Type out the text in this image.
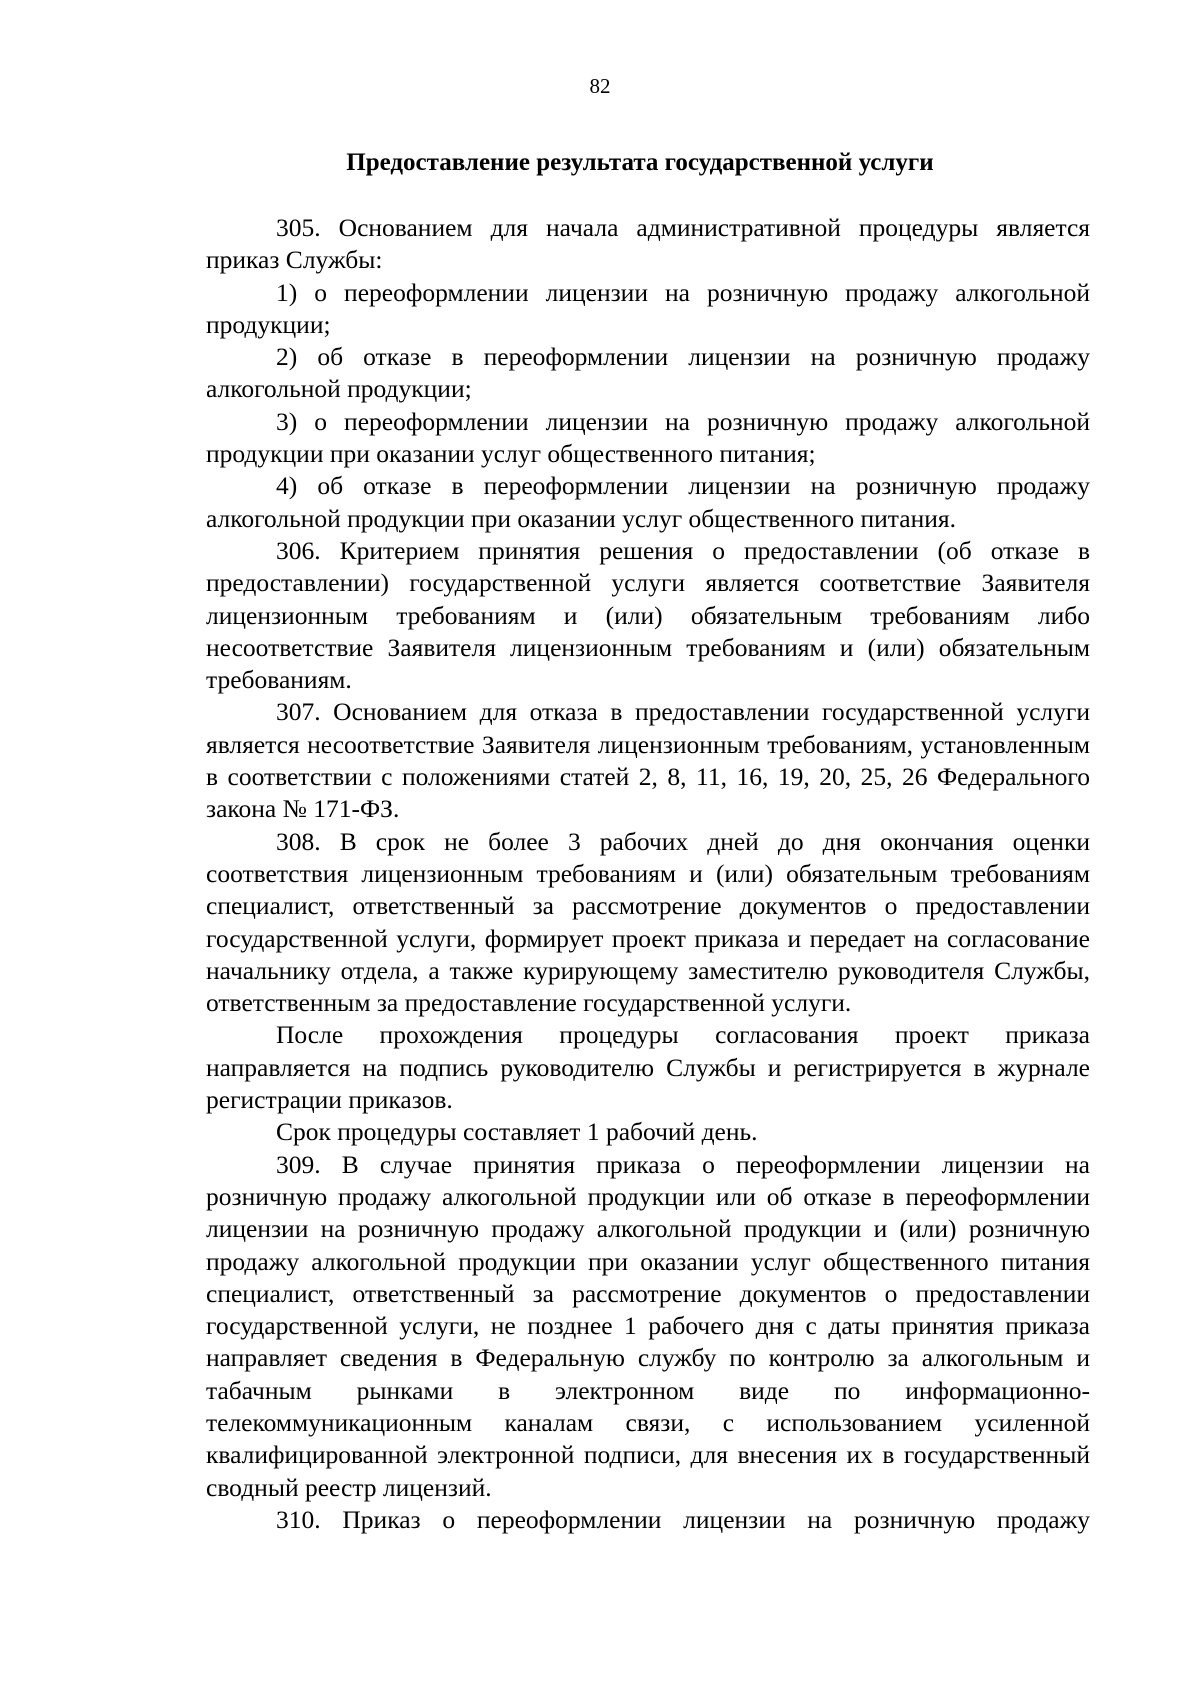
82
Предоставление результата государственной услуги

305. Основанием для начала административной процедуры является приказ Службы:

1) о переоформлении лицензии на розничную продажу алкогольной продукции;

2) об отказе в переоформлении лицензии на розничную продажу алкогольной продукции;

3) о переоформлении лицензии на розничную продажу алкогольной продукции при оказании услуг общественного питания;

4) об отказе в переоформлении лицензии на розничную продажу алкогольной продукции при оказании услуг общественного питания.

306. Критерием принятия решения о предоставлении (об отказе в предоставлении) государственной услуги является соответствие Заявителя лицензионным требованиям и (или) обязательным требованиям либо несоответствие Заявителя лицензионным требованиям и (или) обязательным требованиям.

307. Основанием для отказа в предоставлении государственной услуги является несоответствие Заявителя лицензионным требованиям, установленным в соответствии с положениями статей 2, 8, 11, 16, 19, 20, 25, 26 Федерального закона № 171-ФЗ.

308. В срок не более 3 рабочих дней до дня окончания оценки соответствия лицензионным требованиям и (или) обязательным требованиям специалист, ответственный за рассмотрение документов о предоставлении государственной услуги, формирует проект приказа и передает на согласование начальнику отдела, а также курирующему заместителю руководителя Службы, ответственным за предоставление государственной услуги.

После прохождения процедуры согласования проект приказа направляется на подпись руководителю Службы и регистрируется в журнале регистрации приказов.

Срок процедуры составляет 1 рабочий день.

309. В случае принятия приказа о переоформлении лицензии на розничную продажу алкогольной продукции или об отказе в переоформлении лицензии на розничную продажу алкогольной продукции и (или) розничную продажу алкогольной продукции при оказании услуг общественного питания специалист, ответственный за рассмотрение документов о предоставлении государственной услуги, не позднее 1 рабочего дня с даты принятия приказа направляет сведения в Федеральную службу по контролю за алкогольным и табачным рынками в электронном виде по информационно-телекоммуникационным каналам связи, с использованием усиленной квалифицированной электронной подписи, для внесения их в государственный сводный реестр лицензий.

310. Приказ о переоформлении лицензии на розничную продажу
